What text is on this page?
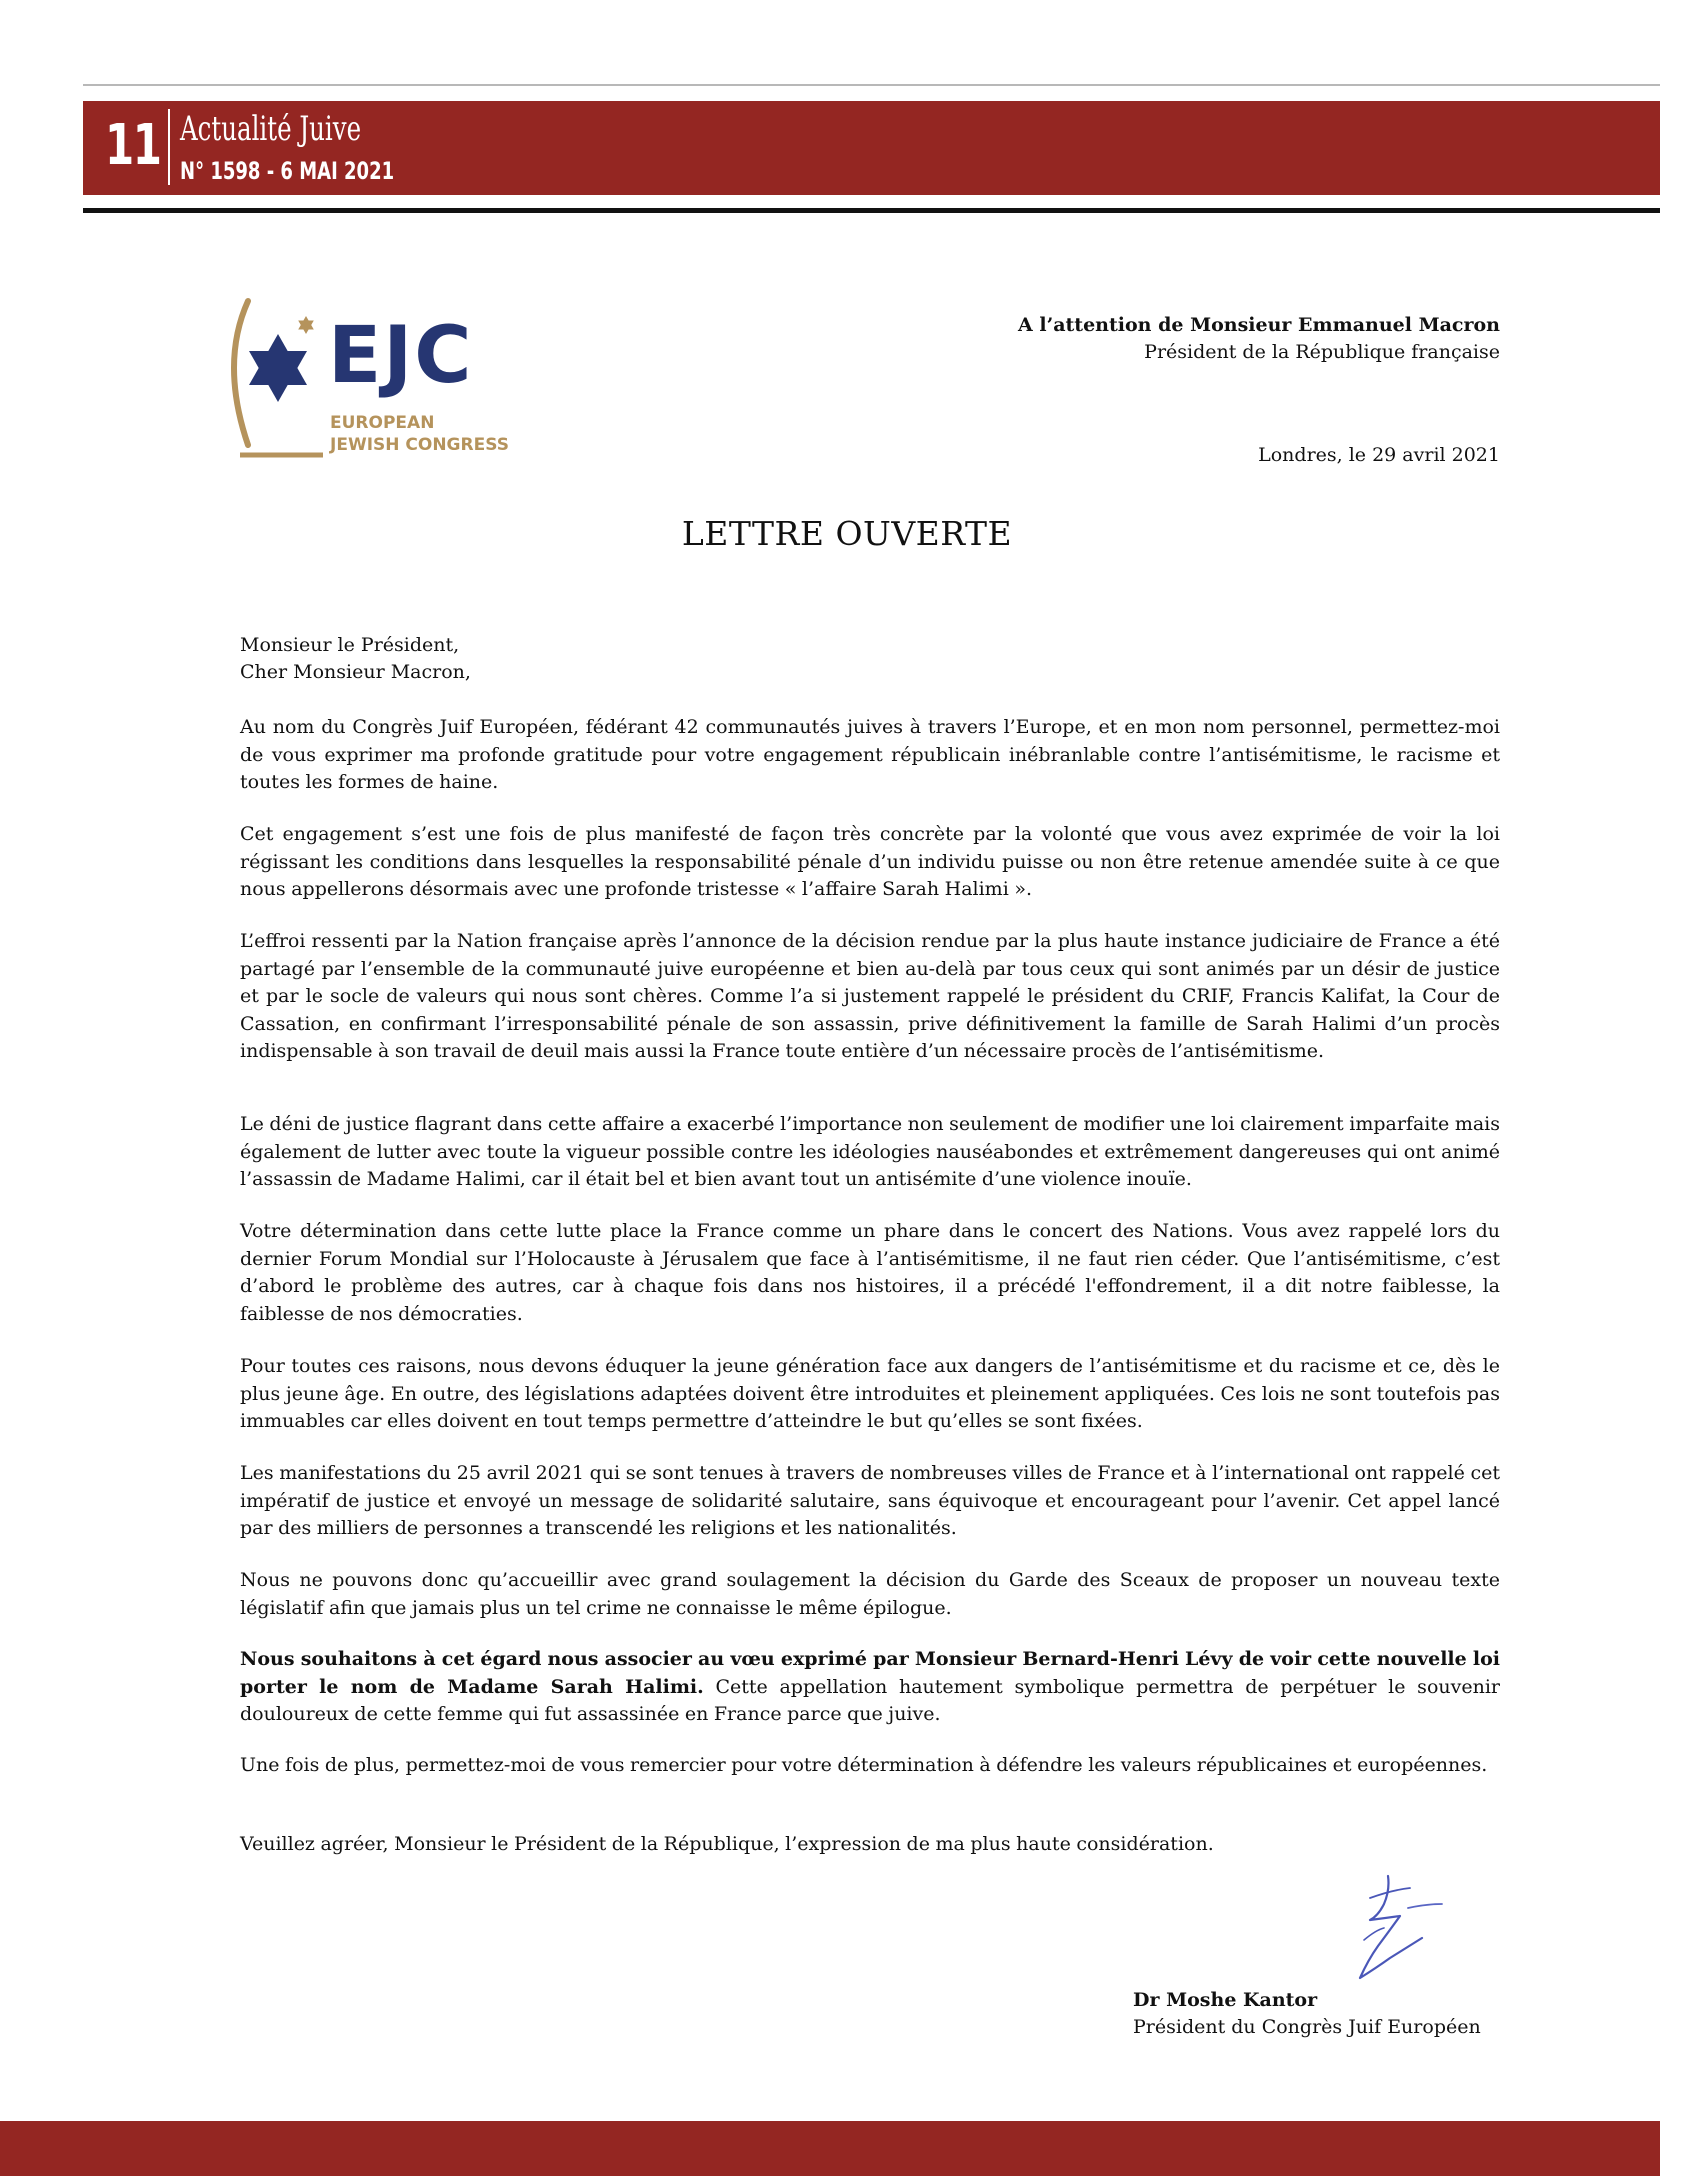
11 Actualité Juive
N° 1598 - 6 MAI 2021
EJC
EUROPEAN
JEWISH CONGRESS
A l’attention de Monsieur Emmanuel Macron
Président de la République française
Londres, le 29 avril 2021
LETTRE OUVERTE
Monsieur le Président,
Cher Monsieur Macron,

Au nom du Congrès Juif Européen, fédérant 42 communautés juives à travers l’Europe, et en mon nom personnel, permettez-moi de vous exprimer ma profonde gratitude pour votre engagement républicain inébranlable contre l’antisémitisme, le racisme et toutes les formes de haine.

Cet engagement s’est une fois de plus manifesté de façon très concrète par la volonté que vous avez exprimée de voir la loi régissant les conditions dans lesquelles la responsabilité pénale d’un individu puisse ou non être retenue amendée suite à ce que nous appellerons désormais avec une profonde tristesse « l’affaire Sarah Halimi ».

L’effroi ressenti par la Nation française après l’annonce de la décision rendue par la plus haute instance judiciaire de France a été partagé par l’ensemble de la communauté juive européenne et bien au-delà par tous ceux qui sont animés par un désir de justice et par le socle de valeurs qui nous sont chères. Comme l’a si justement rappelé le président du CRIF, Francis Kalifat, la Cour de Cassation, en confirmant l’irresponsabilité pénale de son assassin, prive définitivement la famille de Sarah Halimi d’un procès indispensable à son travail de deuil mais aussi la France toute entière d’un nécessaire procès de l’antisémitisme.

Le déni de justice flagrant dans cette affaire a exacerbé l’importance non seulement de modifier une loi clairement imparfaite mais également de lutter avec toute la vigueur possible contre les idéologies nauséabondes et extrêmement dangereuses qui ont animé l’assassin de Madame Halimi, car il était bel et bien avant tout un antisémite d’une violence inouïe.

Votre détermination dans cette lutte place la France comme un phare dans le concert des Nations. Vous avez rappelé lors du dernier Forum Mondial sur l’Holocauste à Jérusalem que face à l’antisémitisme, il ne faut rien céder. Que l’antisémitisme, c’est d’abord le problème des autres, car à chaque fois dans nos histoires, il a précédé l'effondrement, il a dit notre faiblesse, la faiblesse de nos démocraties.

Pour toutes ces raisons, nous devons éduquer la jeune génération face aux dangers de l’antisémitisme et du racisme et ce, dès le plus jeune âge. En outre, des législations adaptées doivent être introduites et pleinement appliquées. Ces lois ne sont toutefois pas immuables car elles doivent en tout temps permettre d’atteindre le but qu’elles se sont fixées.

Les manifestations du 25 avril 2021 qui se sont tenues à travers de nombreuses villes de France et à l’international ont rappelé cet impératif de justice et envoyé un message de solidarité salutaire, sans équivoque et encourageant pour l’avenir. Cet appel lancé par des milliers de personnes a transcendé les religions et les nationalités.

Nous ne pouvons donc qu’accueillir avec grand soulagement la décision du Garde des Sceaux de proposer un nouveau texte législatif afin que jamais plus un tel crime ne connaisse le même épilogue.

Nous souhaitons à cet égard nous associer au vœu exprimé par Monsieur Bernard-Henri Lévy de voir cette nouvelle loi porter le nom de Madame Sarah Halimi. Cette appellation hautement symbolique permettra de perpétuer le souvenir douloureux de cette femme qui fut assassinée en France parce que juive.

Une fois de plus, permettez-moi de vous remercier pour votre détermination à défendre les valeurs républicaines et européennes.

Veuillez agréer, Monsieur le Président de la République, l’expression de ma plus haute considération.

Dr Moshe Kantor
Président du Congrès Juif Européen
